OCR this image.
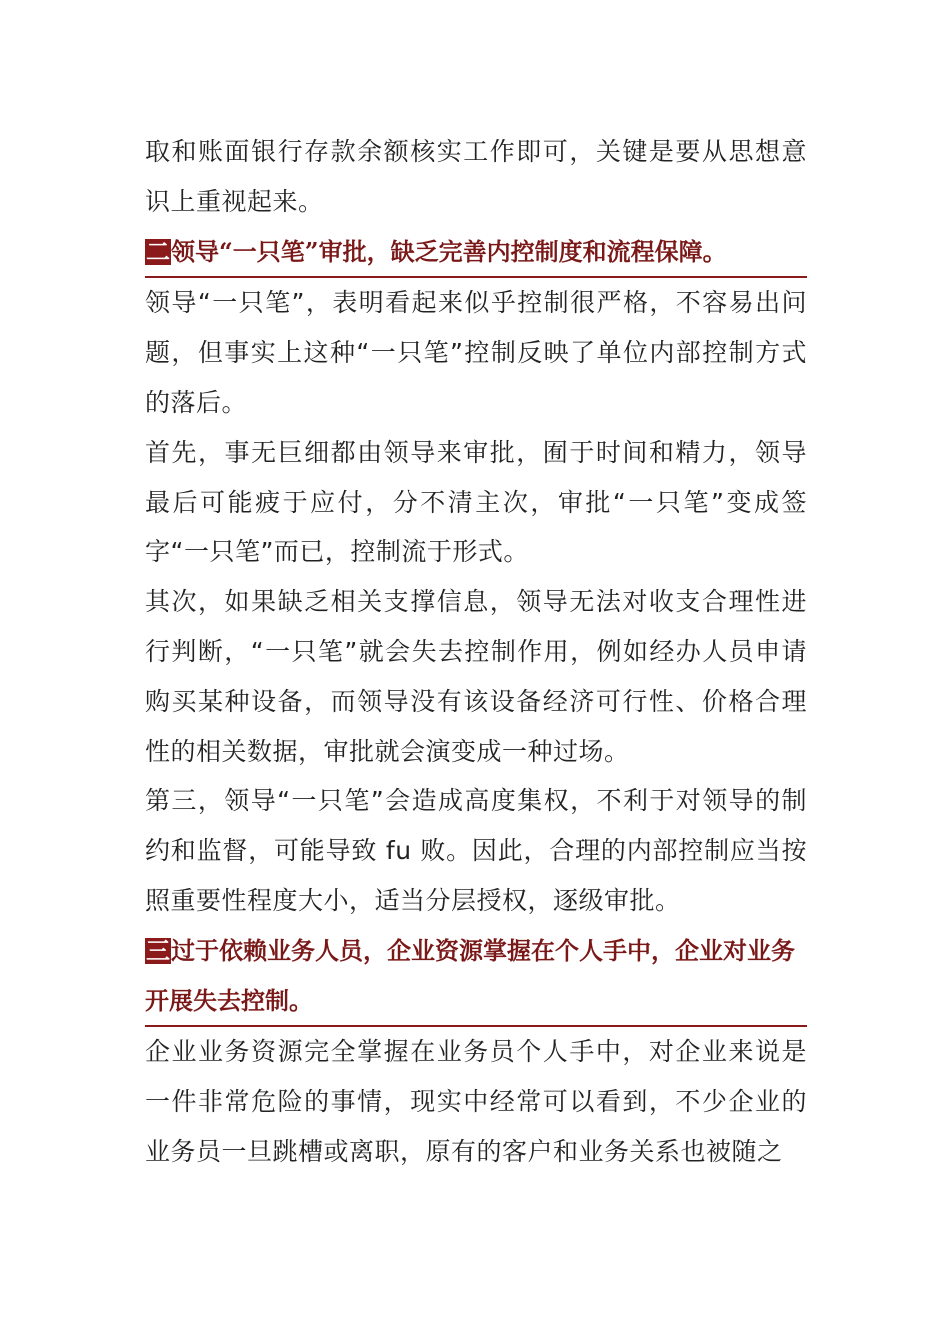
取和账面银行存款余额核实工作即可，关键是要从思想意识上重视起来。

二领导“一只笔”审批，缺乏完善内控制度和流程保障。

领导“一只笔”，表明看起来似乎控制很严格，不容易出问题，但事实上这种“一只笔”控制反映了单位内部控制方式的落后。

首先，事无巨细都由领导来审批，囿于时间和精力，领导最后可能疲于应付，分不清主次，审批“一只笔”变成签字“一只笔”而已，控制流于形式。

其次，如果缺乏相关支撑信息，领导无法对收支合理性进行判断，“一只笔”就会失去控制作用，例如经办人员申请购买某种设备，而领导没有该设备经济可行性、价格合理性的相关数据，审批就会演变成一种过场。

第三，领导“一只笔”会造成高度集权，不利于对领导的制约和监督，可能导致 fu 败。因此，合理的内部控制应当按照重要性程度大小，适当分层授权，逐级审批。

三过于依赖业务人员，企业资源掌握在个人手中，企业对业务开展失去控制。

企业业务资源完全掌握在业务员个人手中，对企业来说是一件非常危险的事情，现实中经常可以看到，不少企业的业务员一旦跳槽或离职，原有的客户和业务关系也被随之
